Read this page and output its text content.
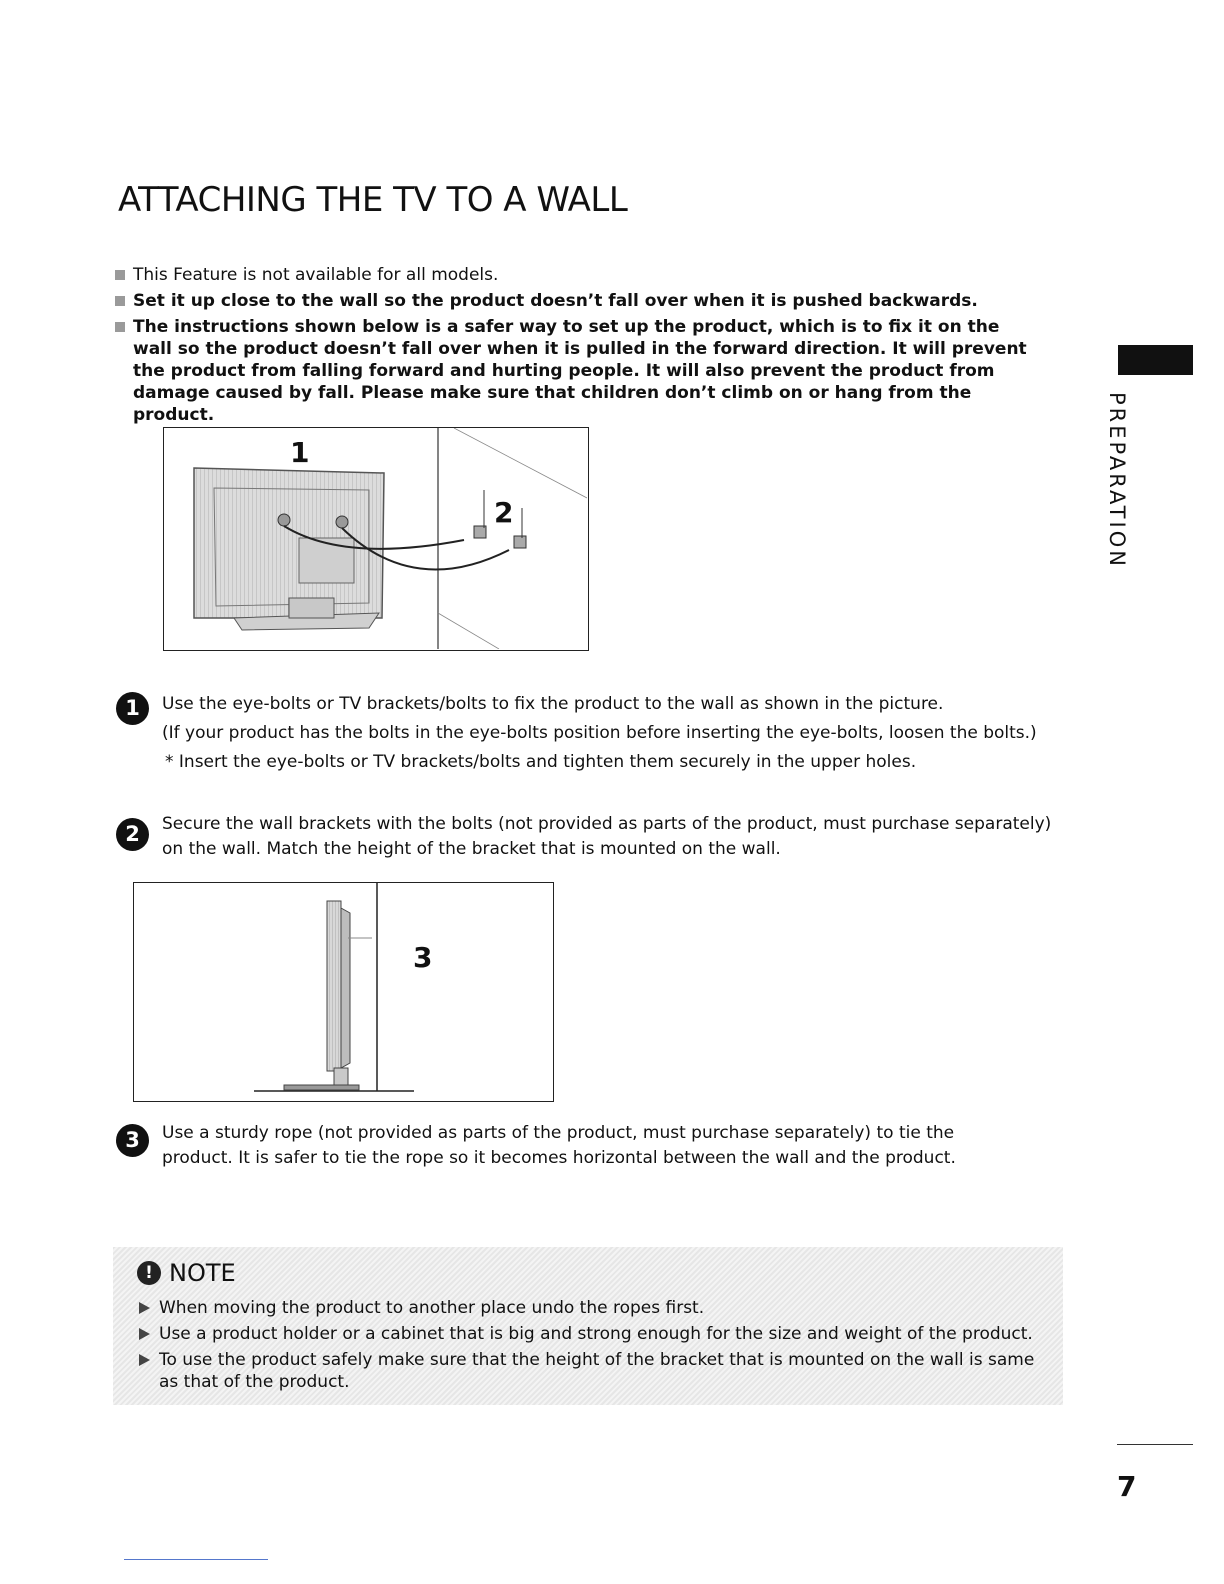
ATTACHING THE TV TO A WALL
This Feature is not available for all models.
Set it up close to the wall so the product doesn’t fall over when it is pushed backwards.
The instructions shown below is a safer way to set up the product, which is to fix it on the wall so the product doesn’t fall over when it is pulled in the forward direction. It will prevent the product from falling forward and hurting people. It will also prevent the product from damage caused by fall. Please make sure that children don’t climb on or hang from the product.
1
2
1	Use the eye-bolts or TV brackets/bolts to fix the product to the wall as shown in the picture.
(If your product has the bolts in the eye-bolts position before inserting the eye-bolts, loosen the bolts.)
* Insert the eye-bolts or TV brackets/bolts and tighten them securely in the upper holes.
2	Secure the wall brackets with the bolts (not provided as parts of the product, must purchase separately) on the wall. Match the height of the bracket that is mounted on the wall.
3
3	Use a sturdy rope (not provided as parts of the product, must purchase separately) to tie the product. It is safer to tie the rope so it becomes horizontal between the wall and the product.
! NOTE
When moving the product to another place undo the ropes first.
Use a product holder or a cabinet that is big and strong enough for the size and weight of the product.
To use the product safely make sure that the height of the bracket that is mounted on the wall is same as that of the product.
PREPARATION
7
